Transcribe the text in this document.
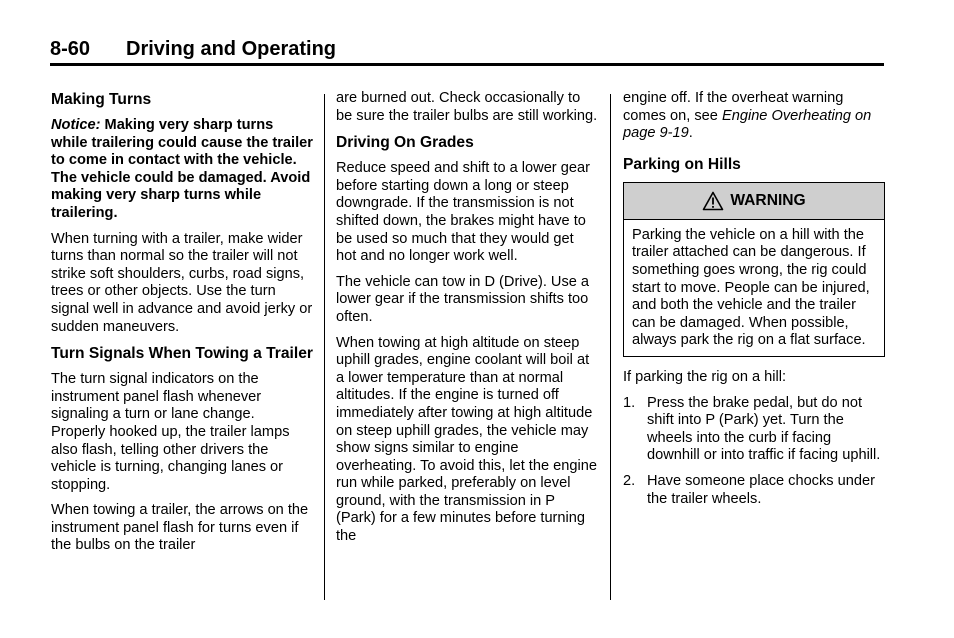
8-60 Driving and Operating
Making Turns
Notice: Making very sharp turns while trailering could cause the trailer to come in contact with the vehicle. The vehicle could be damaged. Avoid making very sharp turns while trailering.

When turning with a trailer, make wider turns than normal so the trailer will not strike soft shoulders, curbs, road signs, trees or other objects. Use the turn signal well in advance and avoid jerky or sudden maneuvers.

Turn Signals When Towing a Trailer

The turn signal indicators on the instrument panel flash whenever signaling a turn or lane change. Properly hooked up, the trailer lamps also flash, telling other drivers the vehicle is turning, changing lanes or stopping.

When towing a trailer, the arrows on the instrument panel flash for turns even if the bulbs on the trailer

are burned out. Check occasionally to be sure the trailer bulbs are still working.

Driving On Grades

Reduce speed and shift to a lower gear before starting down a long or steep downgrade. If the transmission is not shifted down, the brakes might have to be used so much that they would get hot and no longer work well.

The vehicle can tow in D (Drive). Use a lower gear if the transmission shifts too often.

When towing at high altitude on steep uphill grades, engine coolant will boil at a lower temperature than at normal altitudes. If the engine is turned off immediately after towing at high altitude on steep uphill grades, the vehicle may show signs similar to engine overheating. To avoid this, let the engine run while parked, preferably on level ground, with the transmission in P (Park) for a few minutes before turning the

engine off. If the overheat warning comes on, see Engine Overheating on page 9-19.

Parking on Hills
WARNING
Parking the vehicle on a hill with the trailer attached can be dangerous. If something goes wrong, the rig could start to move. People can be injured, and both the vehicle and the trailer can be damaged. When possible, always park the rig on a flat surface.

If parking the rig on a hill:

1. Press the brake pedal, but do not shift into P (Park) yet. Turn the wheels into the curb if facing downhill or into traffic if facing uphill.
2. Have someone place chocks under the trailer wheels.
